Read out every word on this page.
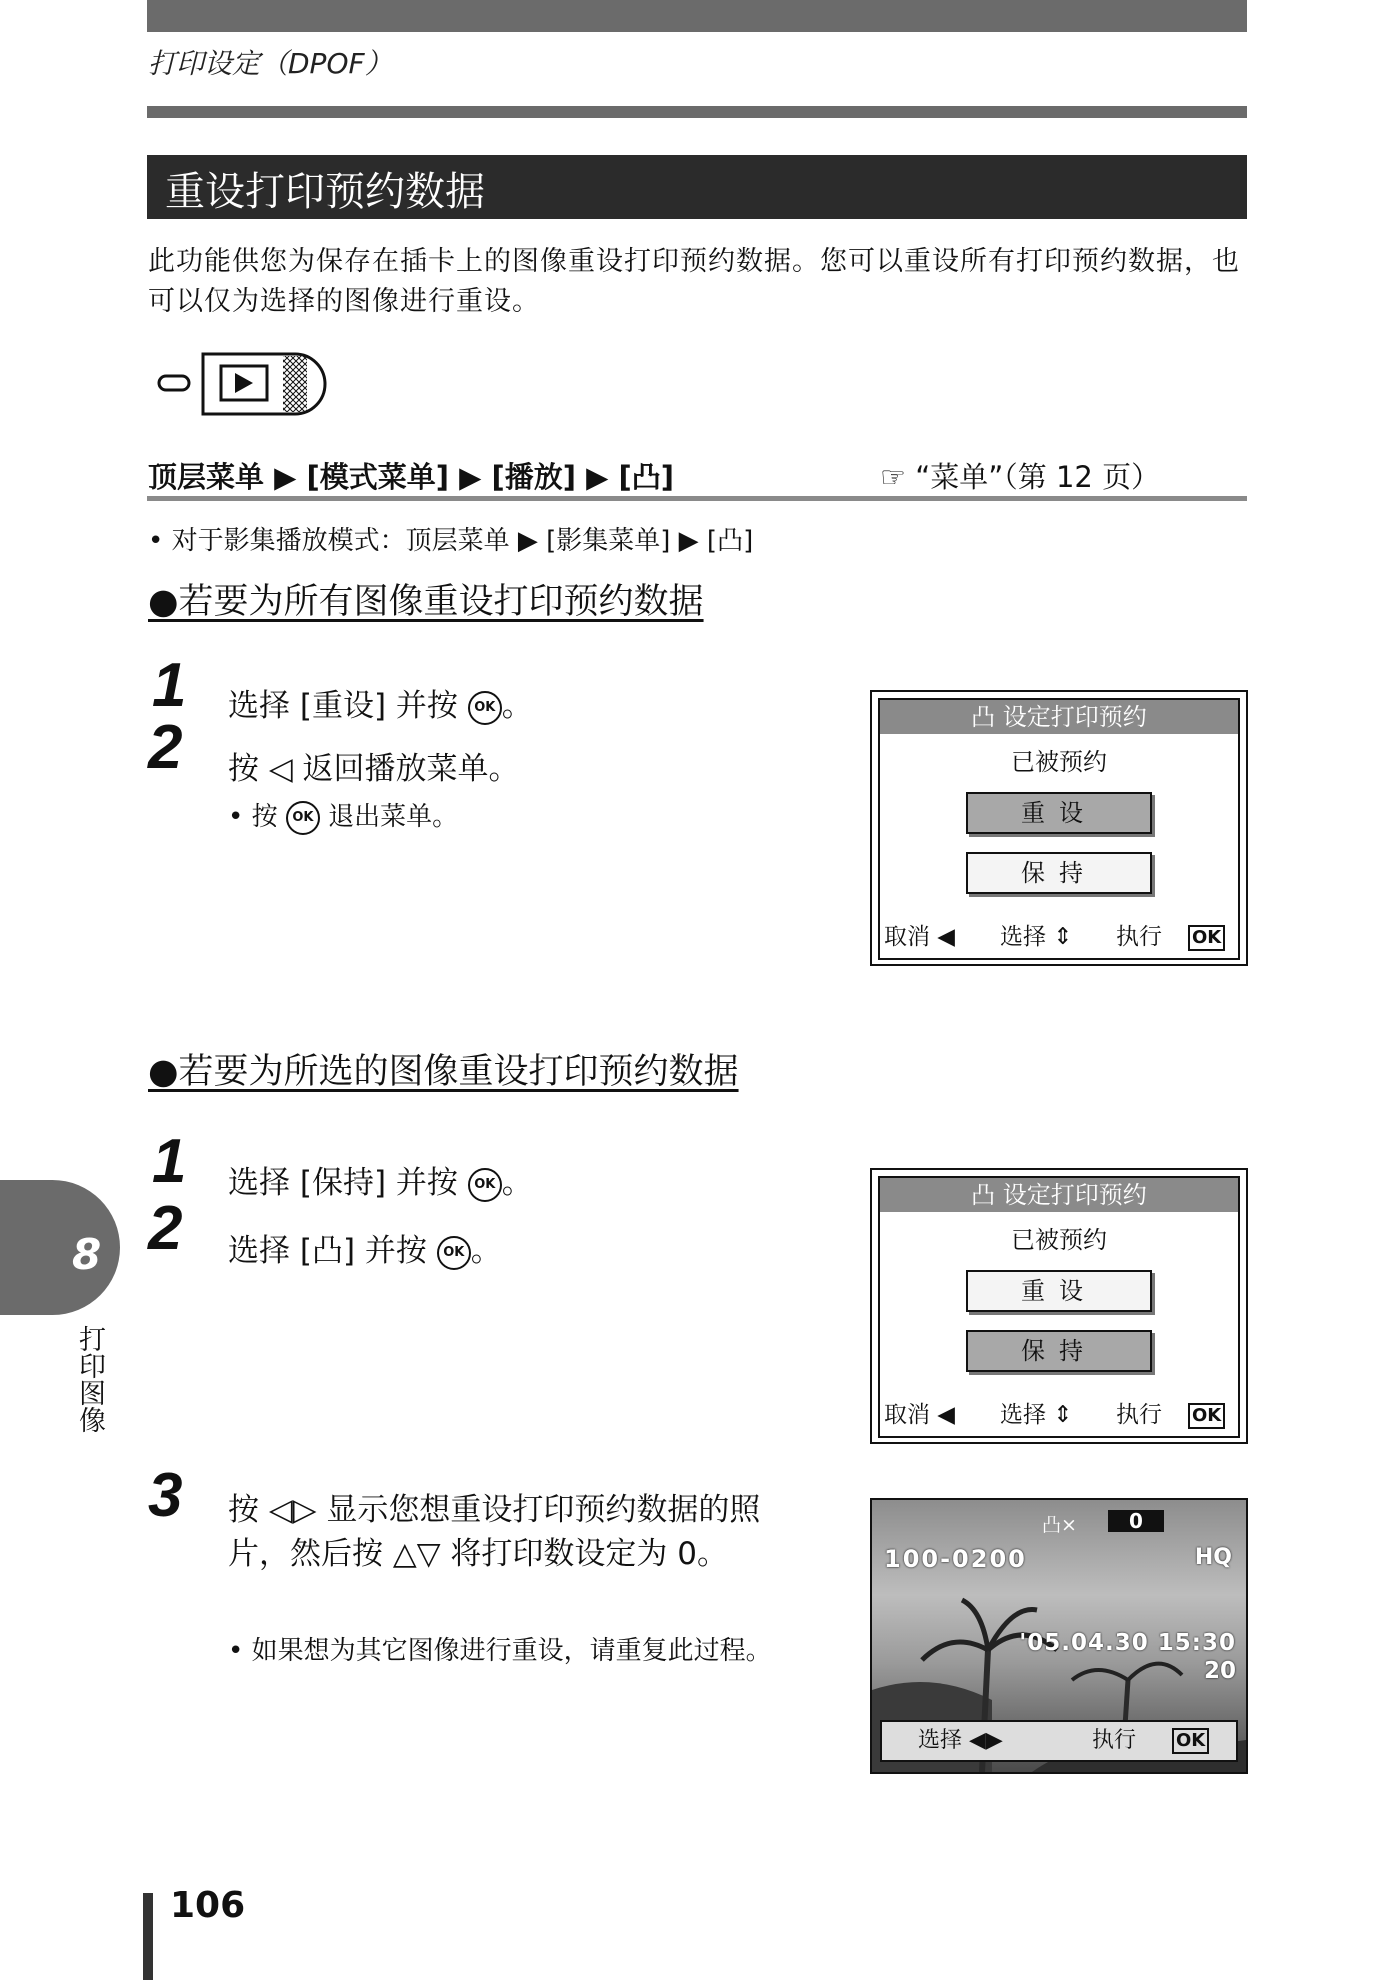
打印设定（DPOF）
重设打印预约数据
此功能供您为保存在插卡上的图像重设打印预约数据。您可以重设所有打印预约数据，也可以仅为选择的图像进行重设。
顶层菜单 ▶ [模式菜单] ▶ [播放] ▶ [凸]	☞ “菜单”（第 12 页）
• 对于影集播放模式：顶层菜单 ▶ [影集菜单] ▶ [凸]
●若要为所有图像重设打印预约数据
1 选择 [重设] 并按 OK 。
2 按 ◁ 返回播放菜单。
• 按 OK 退出菜单。
凸 设定打印预约
已被预约
重设
保持
取消 ◀ 选择 ⇕ 执行 OK
●若要为所选的图像重设打印预约数据
1 选择 [保持] 并按 OK 。
2 选择 [凸] 并按 OK 。
凸 设定打印预约
已被预约
重设
保持
取消 ◀ 选择 ⇕ 执行 OK
3 按 ◁▷ 显示您想重设打印预约数据的照片，然后按 △▽ 将打印数设定为 0。
• 如果想为其它图像进行重设，请重复此过程。
凸×	0
100-0200	HQ
'05.04.30 15:30
20
选择 ◀▶	执行 OK
8
打印图像
106
